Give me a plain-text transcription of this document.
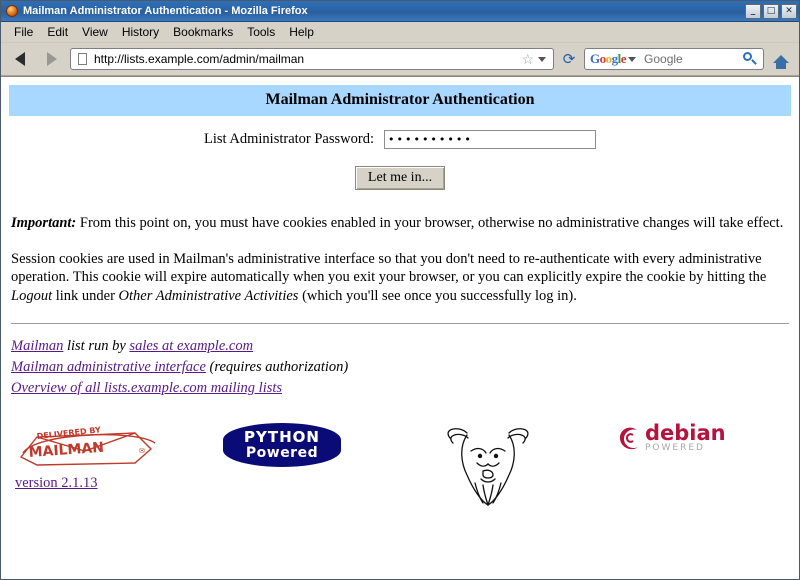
Mailman Administrator Authentication - Mozilla Firefox	_	□	✕
File	Edit	View	History	Bookmarks	Tools	Help
http://lists.example.com/admin/mailman	☆	⟳	Google Google
Mailman Administrator Authentication
List Administrator Password:	••••••••••
Let me in...

Important: From this point on, you must have cookies enabled in your browser, otherwise no administrative changes will take effect.

Session cookies are used in Mailman's administrative interface so that you don't need to re-authenticate with every administrative operation. This cookie will expire automatically when you exit your browser, or you can explicitly expire the cookie by hitting the Logout link under Other Administrative Activities (which you'll see once you successfully log in).

Mailman list run by sales at example.com
Mailman administrative interface (requires authorization)
Overview of all lists.example.com mailing lists
DELIVERED BY
MAILMAN	✉
version 2.1.13
PYTHON
Powered
debian
POWERED
